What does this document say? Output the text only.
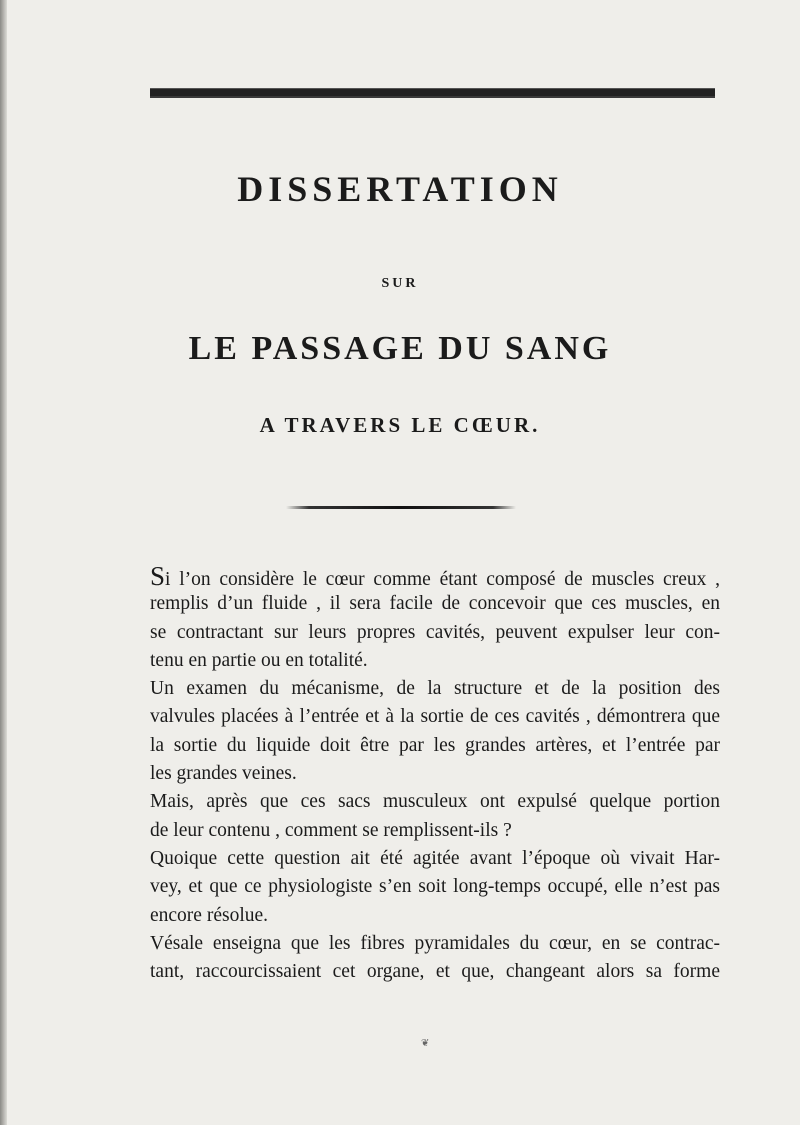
DISSERTATION
SUR
LE PASSAGE DU SANG
A TRAVERS LE CŒUR.
Si l’on considère le cœur comme étant composé de muscles creux ,
remplis d’un fluide , il sera facile de concevoir que ces muscles, en
se contractant sur leurs propres cavités, peuvent expulser leur con-
tenu en partie ou en totalité.
Un examen du mécanisme, de la structure et de la position des
valvules placées à l’entrée et à la sortie de ces cavités , démontrera que
la sortie du liquide doit être par les grandes artères, et l’entrée par
les grandes veines.
Mais, après que ces sacs musculeux ont expulsé quelque portion
de leur contenu , comment se remplissent-ils ?
Quoique cette question ait été agitée avant l’époque où vivait Har-
vey, et que ce physiologiste s’en soit long-temps occupé, elle n’est pas
encore résolue.
Vésale enseigna que les fibres pyramidales du cœur, en se contrac-
tant, raccourcissaient cet organe, et que, changeant alors sa forme
❦
